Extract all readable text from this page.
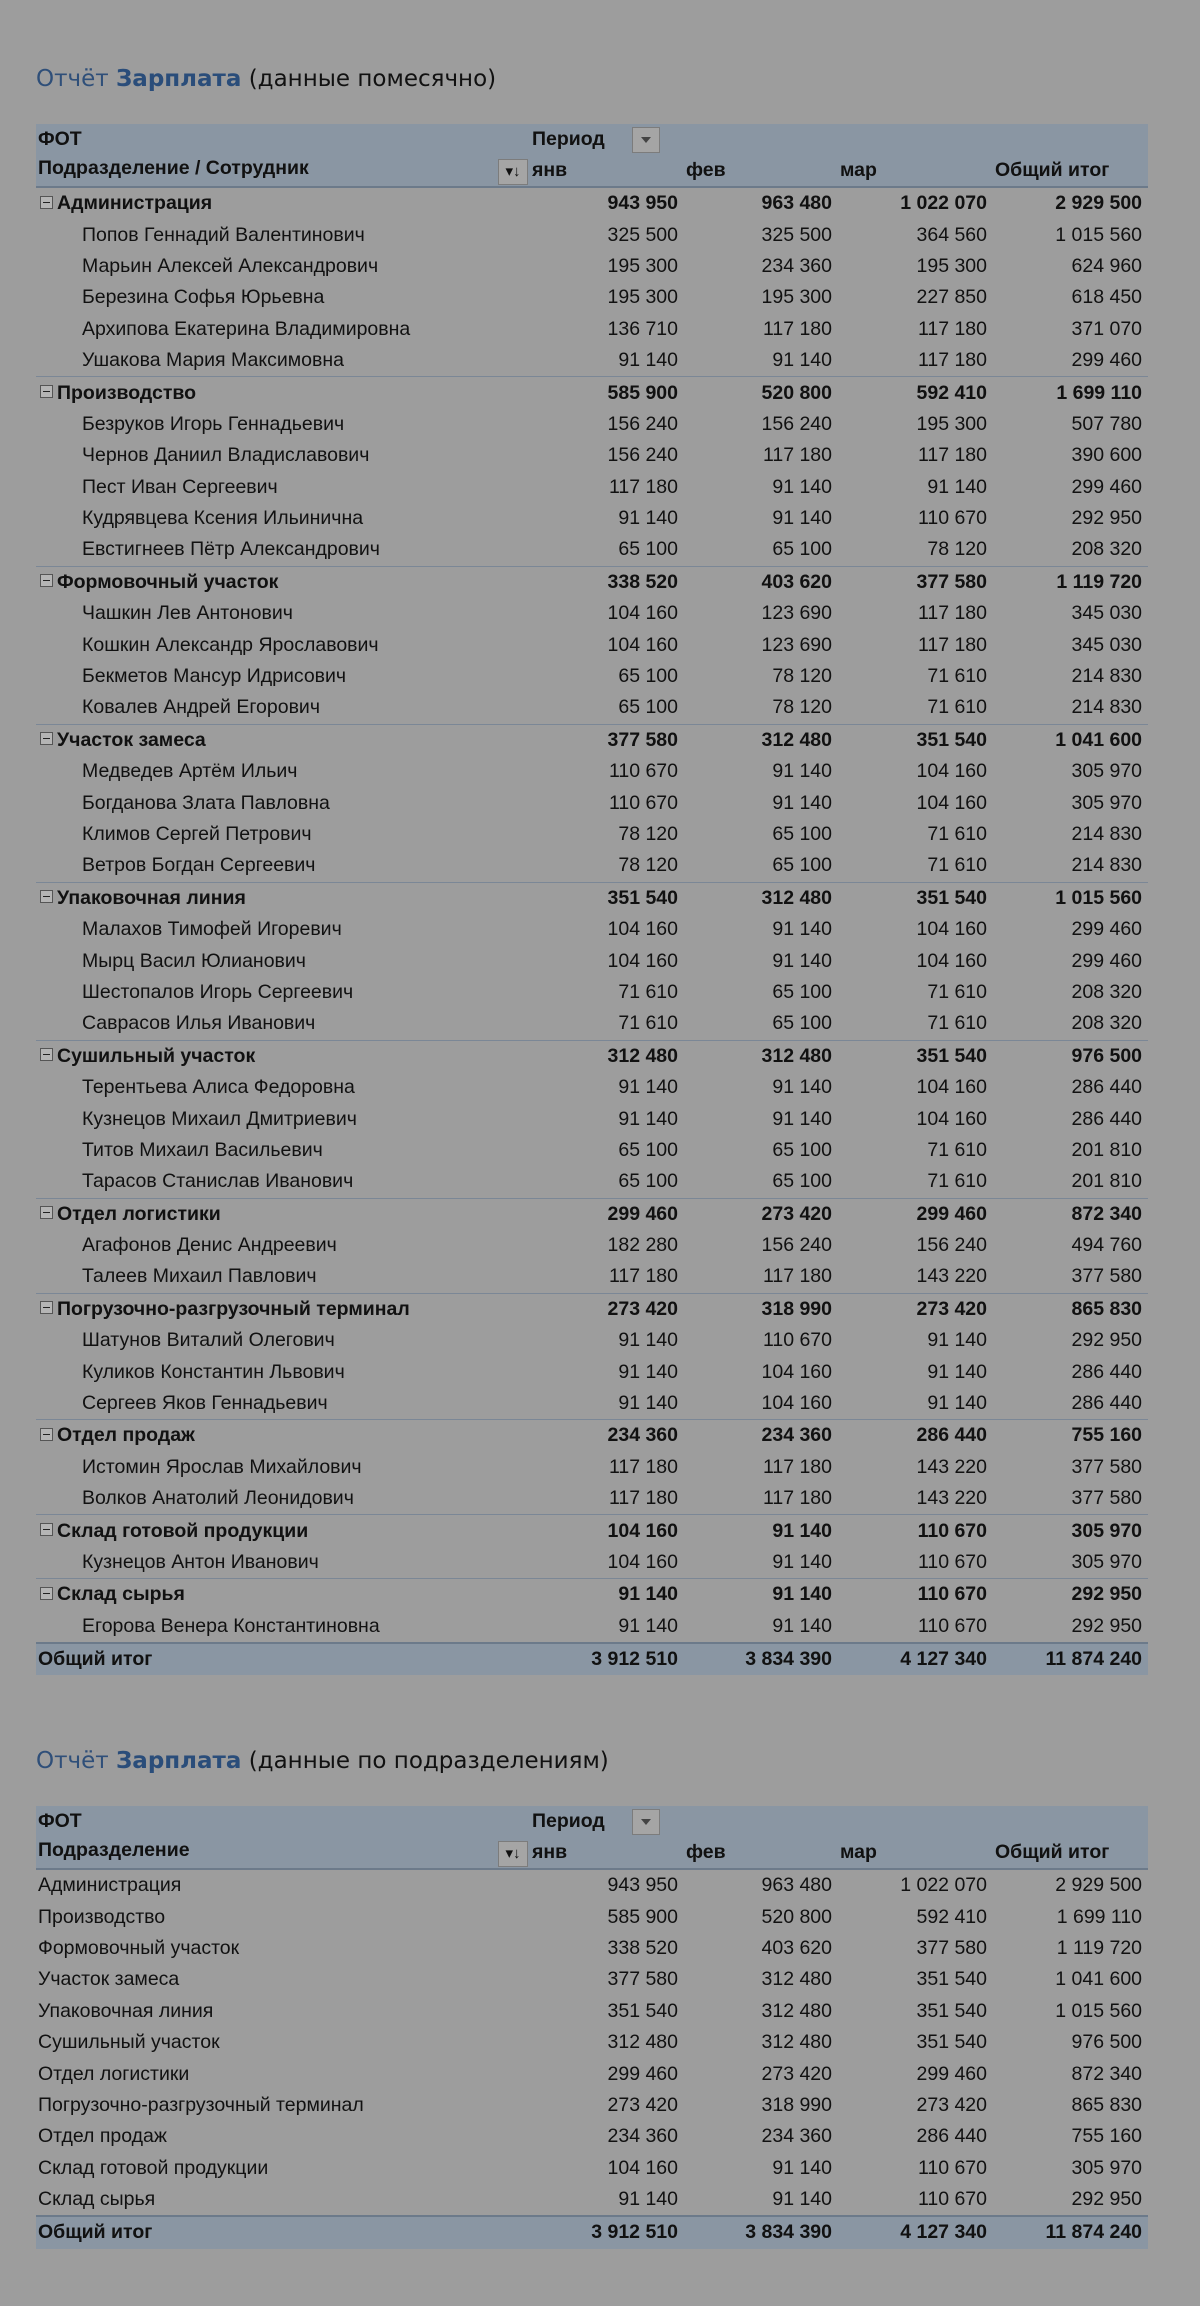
Отчёт Зарплата (данные помесячно)
ФОТ	Период			
Подразделение / Сотрудник ▾↓	янв	фев	мар	Общий итог
Администрация	943 950	963 480	1 022 070	2 929 500
Попов Геннадий Валентинович	325 500	325 500	364 560	1 015 560
Марьин Алексей Александрович	195 300	234 360	195 300	624 960
Березина Софья Юрьевна	195 300	195 300	227 850	618 450
Архипова Екатерина Владимировна	136 710	117 180	117 180	371 070
Ушакова Мария Максимовна	91 140	91 140	117 180	299 460
Производство	585 900	520 800	592 410	1 699 110
Безруков Игорь Геннадьевич	156 240	156 240	195 300	507 780
Чернов Даниил Владиславович	156 240	117 180	117 180	390 600
Пест Иван Сергеевич	117 180	91 140	91 140	299 460
Кудрявцева Ксения Ильинична	91 140	91 140	110 670	292 950
Евстигнеев Пётр Александрович	65 100	65 100	78 120	208 320
Формовочный участок	338 520	403 620	377 580	1 119 720
Чашкин Лев Антонович	104 160	123 690	117 180	345 030
Кошкин Александр Ярославович	104 160	123 690	117 180	345 030
Бекметов Мансур Идрисович	65 100	78 120	71 610	214 830
Ковалев Андрей Егорович	65 100	78 120	71 610	214 830
Участок замеса	377 580	312 480	351 540	1 041 600
Медведев Артём Ильич	110 670	91 140	104 160	305 970
Богданова Злата Павловна	110 670	91 140	104 160	305 970
Климов Сергей Петрович	78 120	65 100	71 610	214 830
Ветров Богдан Сергеевич	78 120	65 100	71 610	214 830
Упаковочная линия	351 540	312 480	351 540	1 015 560
Малахов Тимофей Игоревич	104 160	91 140	104 160	299 460
Мырц Васил Юлианович	104 160	91 140	104 160	299 460
Шестопалов Игорь Сергеевич	71 610	65 100	71 610	208 320
Саврасов Илья Иванович	71 610	65 100	71 610	208 320
Сушильный участок	312 480	312 480	351 540	976 500
Терентьева Алиса Федоровна	91 140	91 140	104 160	286 440
Кузнецов Михаил Дмитриевич	91 140	91 140	104 160	286 440
Титов Михаил Васильевич	65 100	65 100	71 610	201 810
Тарасов Станислав Иванович	65 100	65 100	71 610	201 810
Отдел логистики	299 460	273 420	299 460	872 340
Агафонов Денис Андреевич	182 280	156 240	156 240	494 760
Талеев Михаил Павлович	117 180	117 180	143 220	377 580
Погрузочно-разгрузочный терминал	273 420	318 990	273 420	865 830
Шатунов Виталий Олегович	91 140	110 670	91 140	292 950
Куликов Константин Львович	91 140	104 160	91 140	286 440
Сергеев Яков Геннадьевич	91 140	104 160	91 140	286 440
Отдел продаж	234 360	234 360	286 440	755 160
Истомин Ярослав Михайлович	117 180	117 180	143 220	377 580
Волков Анатолий Леонидович	117 180	117 180	143 220	377 580
Склад готовой продукции	104 160	91 140	110 670	305 970
Кузнецов Антон Иванович	104 160	91 140	110 670	305 970
Склад сырья	91 140	91 140	110 670	292 950
Егорова Венера Константиновна	91 140	91 140	110 670	292 950
Общий итог	3 912 510	3 834 390	4 127 340	11 874 240
Отчёт Зарплата (данные по подразделениям)
ФОТ	Период			
Подразделение ▾↓	янв	фев	мар	Общий итог
Администрация	943 950	963 480	1 022 070	2 929 500
Производство	585 900	520 800	592 410	1 699 110
Формовочный участок	338 520	403 620	377 580	1 119 720
Участок замеса	377 580	312 480	351 540	1 041 600
Упаковочная линия	351 540	312 480	351 540	1 015 560
Сушильный участок	312 480	312 480	351 540	976 500
Отдел логистики	299 460	273 420	299 460	872 340
Погрузочно-разгрузочный терминал	273 420	318 990	273 420	865 830
Отдел продаж	234 360	234 360	286 440	755 160
Склад готовой продукции	104 160	91 140	110 670	305 970
Склад сырья	91 140	91 140	110 670	292 950
Общий итог	3 912 510	3 834 390	4 127 340	11 874 240
